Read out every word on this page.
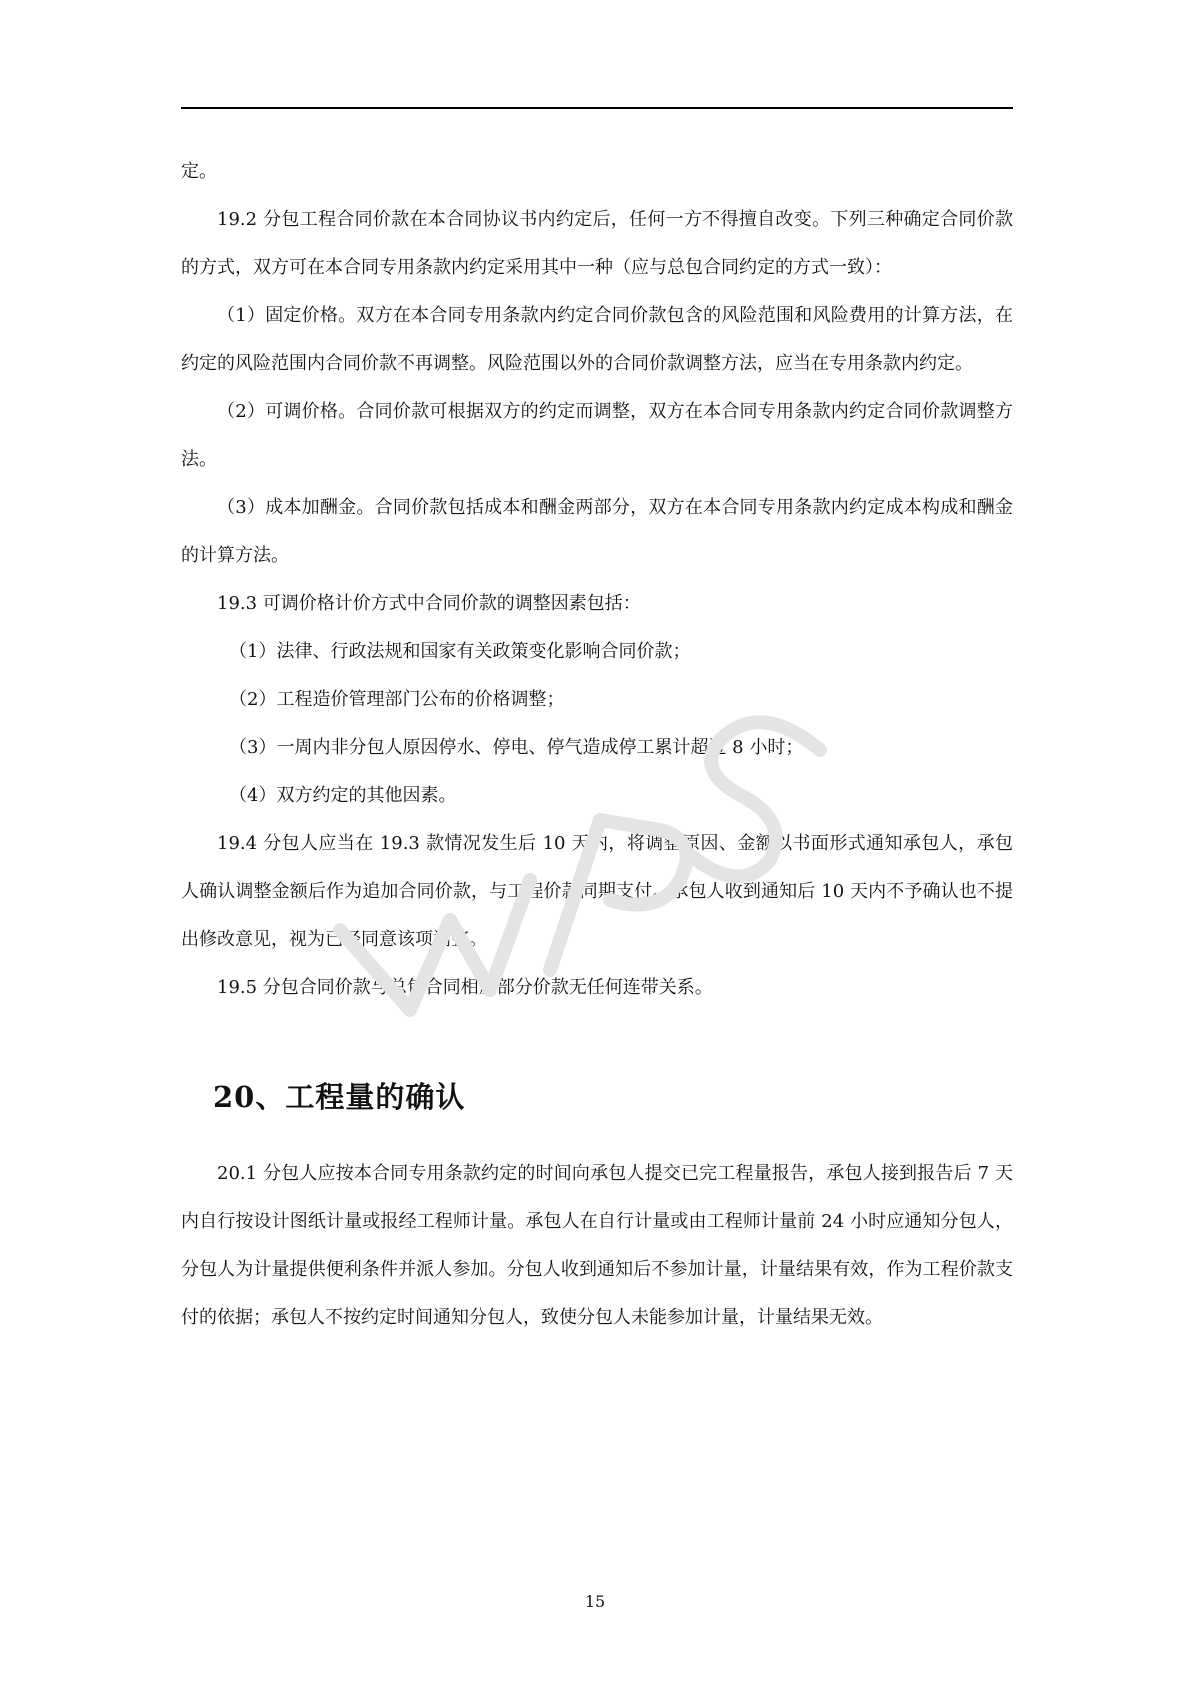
定。

19.2 分包工程合同价款在本合同协议书内约定后，任何一方不得擅自改变。下列三种确定合同价款的方式，双方可在本合同专用条款内约定采用其中一种（应与总包合同约定的方式一致）：

（1）固定价格。双方在本合同专用条款内约定合同价款包含的风险范围和风险费用的计算方法，在约定的风险范围内合同价款不再调整。风险范围以外的合同价款调整方法，应当在专用条款内约定。

（2）可调价格。合同价款可根据双方的约定而调整，双方在本合同专用条款内约定合同价款调整方法。

（3）成本加酬金。合同价款包括成本和酬金两部分，双方在本合同专用条款内约定成本构成和酬金的计算方法。

19.3 可调价格计价方式中合同价款的调整因素包括：

（1）法律、行政法规和国家有关政策变化影响合同价款；

（2）工程造价管理部门公布的价格调整；

（3）一周内非分包人原因停水、停电、停气造成停工累计超过 8 小时；

（4）双方约定的其他因素。

19.4 分包人应当在 19.3 款情况发生后 10 天内，将调整原因、金额以书面形式通知承包人，承包人确认调整金额后作为追加合同价款，与工程价款同期支付。承包人收到通知后 10 天内不予确认也不提出修改意见，视为已经同意该项调整。

19.5 分包合同价款与总包合同相应部分价款无任何连带关系。

20、工程量的确认

20.1 分包人应按本合同专用条款约定的时间向承包人提交已完工程量报告，承包人接到报告后 7 天内自行按设计图纸计量或报经工程师计量。承包人在自行计量或由工程师计量前 24 小时应通知分包人，分包人为计量提供便利条件并派人参加。分包人收到通知后不参加计量，计量结果有效，作为工程价款支付的依据；承包人不按约定时间通知分包人，致使分包人未能参加计量，计量结果无效。

15
